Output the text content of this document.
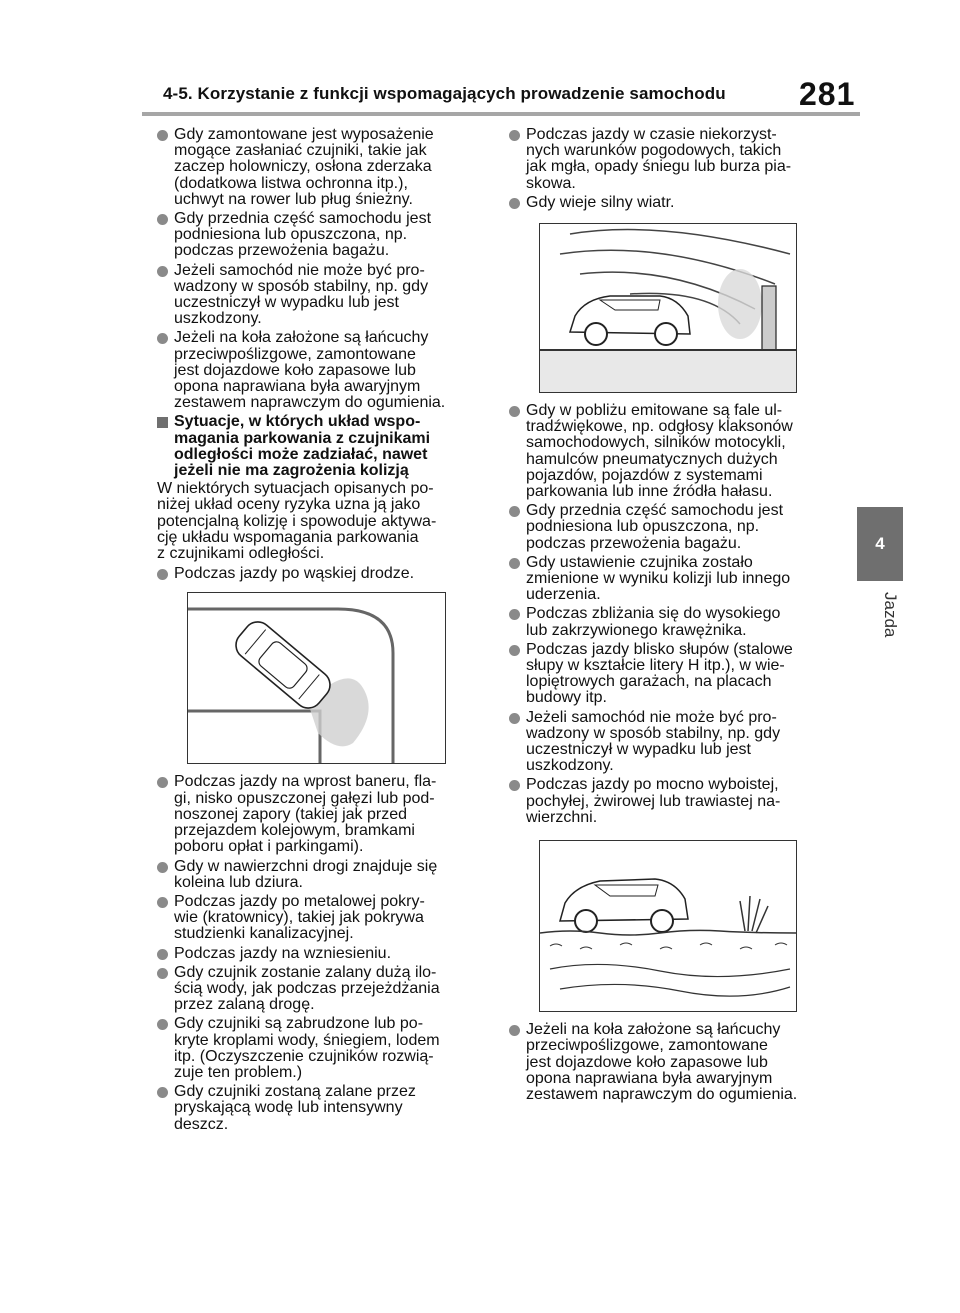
4-5. Korzystanie z funkcji wspomagających prowadzenie samochodu 281
4
Jazda
Gdy zamontowane jest wyposażenie
mogące zasłaniać czujniki, takie jak
zaczep holowniczy, osłona zderzaka
(dodatkowa listwa ochronna itp.),
uchwyt na rower lub pług śnieżny.
Gdy przednia część samochodu jest
podniesiona lub opuszczona, np.
podczas przewożenia bagażu.
Jeżeli samochód nie może być pro-
wadzony w sposób stabilny, np. gdy
uczestniczył w wypadku lub jest
uszkodzony.
Jeżeli na koła założone są łańcuchy
przeciwpoślizgowe, zamontowane
jest dojazdowe koło zapasowe lub
opona naprawiana była awaryjnym
zestawem naprawczym do ogumienia.
Sytuacje, w których układ wspo-
magania parkowania z czujnikami
odległości może zadziałać, nawet
jeżeli nie ma zagrożenia kolizją
W niektórych sytuacjach opisanych po-
niżej układ oceny ryzyka uzna ją jako
potencjalną kolizję i spowoduje aktywa-
cję układu wspomagania parkowania
z czujnikami odległości.
Podczas jazdy po wąskiej drodze.
Podczas jazdy na wprost baneru, fla-
gi, nisko opuszczonej gałęzi lub pod-
noszonej zapory (takiej jak przed
przejazdem kolejowym, bramkami
poboru opłat i parkingami).
Gdy w nawierzchni drogi znajduje się
koleina lub dziura.
Podczas jazdy po metalowej pokry-
wie (kratownicy), takiej jak pokrywa
studzienki kanalizacyjnej.
Podczas jazdy na wzniesieniu.
Gdy czujnik zostanie zalany dużą ilo-
ścią wody, jak podczas przejeżdżania
przez zalaną drogę.
Gdy czujniki są zabrudzone lub po-
kryte kroplami wody, śniegiem, lodem
itp. (Oczyszczenie czujników rozwią-
zuje ten problem.)
Gdy czujniki zostaną zalane przez
pryskającą wodę lub intensywny
deszcz.
Podczas jazdy w czasie niekorzyst-
nych warunków pogodowych, takich
jak mgła, opady śniegu lub burza pia-
skowa.
Gdy wieje silny wiatr.
Gdy w pobliżu emitowane są fale ul-
tradźwiękowe, np. odgłosy klaksonów
samochodowych, silników motocykli,
hamulców pneumatycznych dużych
pojazdów, pojazdów z systemami
parkowania lub inne źródła hałasu.
Gdy przednia część samochodu jest
podniesiona lub opuszczona, np.
podczas przewożenia bagażu.
Gdy ustawienie czujnika zostało
zmienione w wyniku kolizji lub innego
uderzenia.
Podczas zbliżania się do wysokiego
lub zakrzywionego krawężnika.
Podczas jazdy blisko słupów (stalowe
słupy w kształcie litery H itp.), w wie-
lopiętrowych garażach, na placach
budowy itp.
Jeżeli samochód nie może być pro-
wadzony w sposób stabilny, np. gdy
uczestniczył w wypadku lub jest
uszkodzony.
Podczas jazdy po mocno wyboistej,
pochyłej, żwirowej lub trawiastej na-
wierzchni.
Jeżeli na koła założone są łańcuchy
przeciwpoślizgowe, zamontowane
jest dojazdowe koło zapasowe lub
opona naprawiana była awaryjnym
zestawem naprawczym do ogumienia.
